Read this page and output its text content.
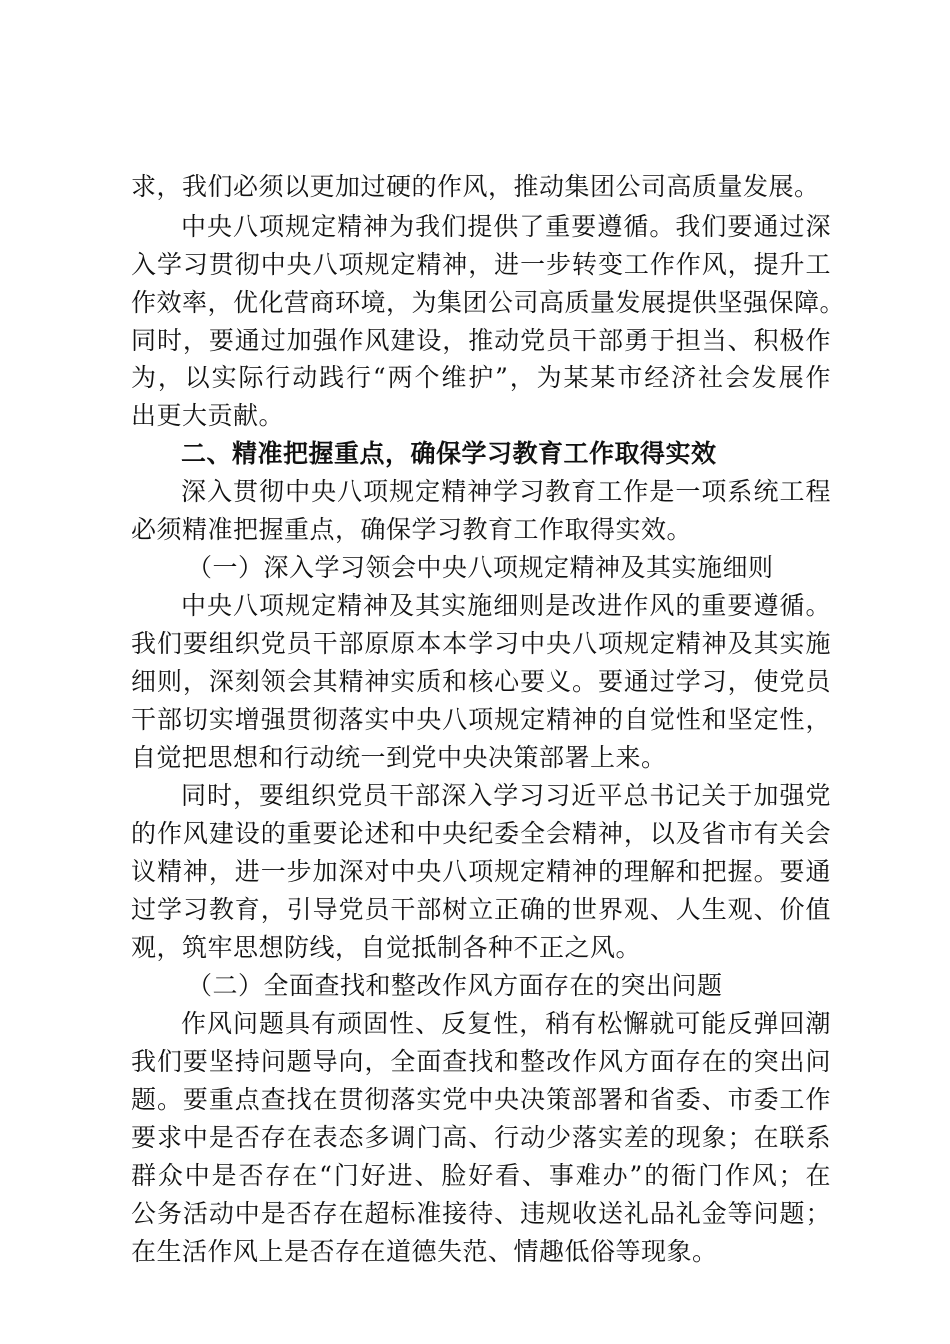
求，我们必须以更加过硬的作风，推动集团公司高质量发展。
中央八项规定精神为我们提供了重要遵循。我们要通过深
入学习贯彻中央八项规定精神，进一步转变工作作风，提升工
作效率，优化营商环境，为集团公司高质量发展提供坚强保障。
同时，要通过加强作风建设，推动党员干部勇于担当、积极作
为，以实际行动践行“两个维护”，为某某市经济社会发展作
出更大贡献。
二、精准把握重点，确保学习教育工作取得实效
深入贯彻中央八项规定精神学习教育工作是一项系统工程
必须精准把握重点，确保学习教育工作取得实效。
（一）深入学习领会中央八项规定精神及其实施细则
中央八项规定精神及其实施细则是改进作风的重要遵循。
我们要组织党员干部原原本本学习中央八项规定精神及其实施
细则，深刻领会其精神实质和核心要义。要通过学习，使党员
干部切实增强贯彻落实中央八项规定精神的自觉性和坚定性，
自觉把思想和行动统一到党中央决策部署上来。
同时，要组织党员干部深入学习习近平总书记关于加强党
的作风建设的重要论述和中央纪委全会精神，以及省市有关会
议精神，进一步加深对中央八项规定精神的理解和把握。要通
过学习教育，引导党员干部树立正确的世界观、人生观、价值
观，筑牢思想防线，自觉抵制各种不正之风。
（二）全面查找和整改作风方面存在的突出问题
作风问题具有顽固性、反复性，稍有松懈就可能反弹回潮
我们要坚持问题导向，全面查找和整改作风方面存在的突出问
题。要重点查找在贯彻落实党中央决策部署和省委、市委工作
要求中是否存在表态多调门高、行动少落实差的现象；在联系
群众中是否存在“门好进、脸好看、事难办”的衙门作风；在
公务活动中是否存在超标准接待、违规收送礼品礼金等问题；
在生活作风上是否存在道德失范、情趣低俗等现象。
